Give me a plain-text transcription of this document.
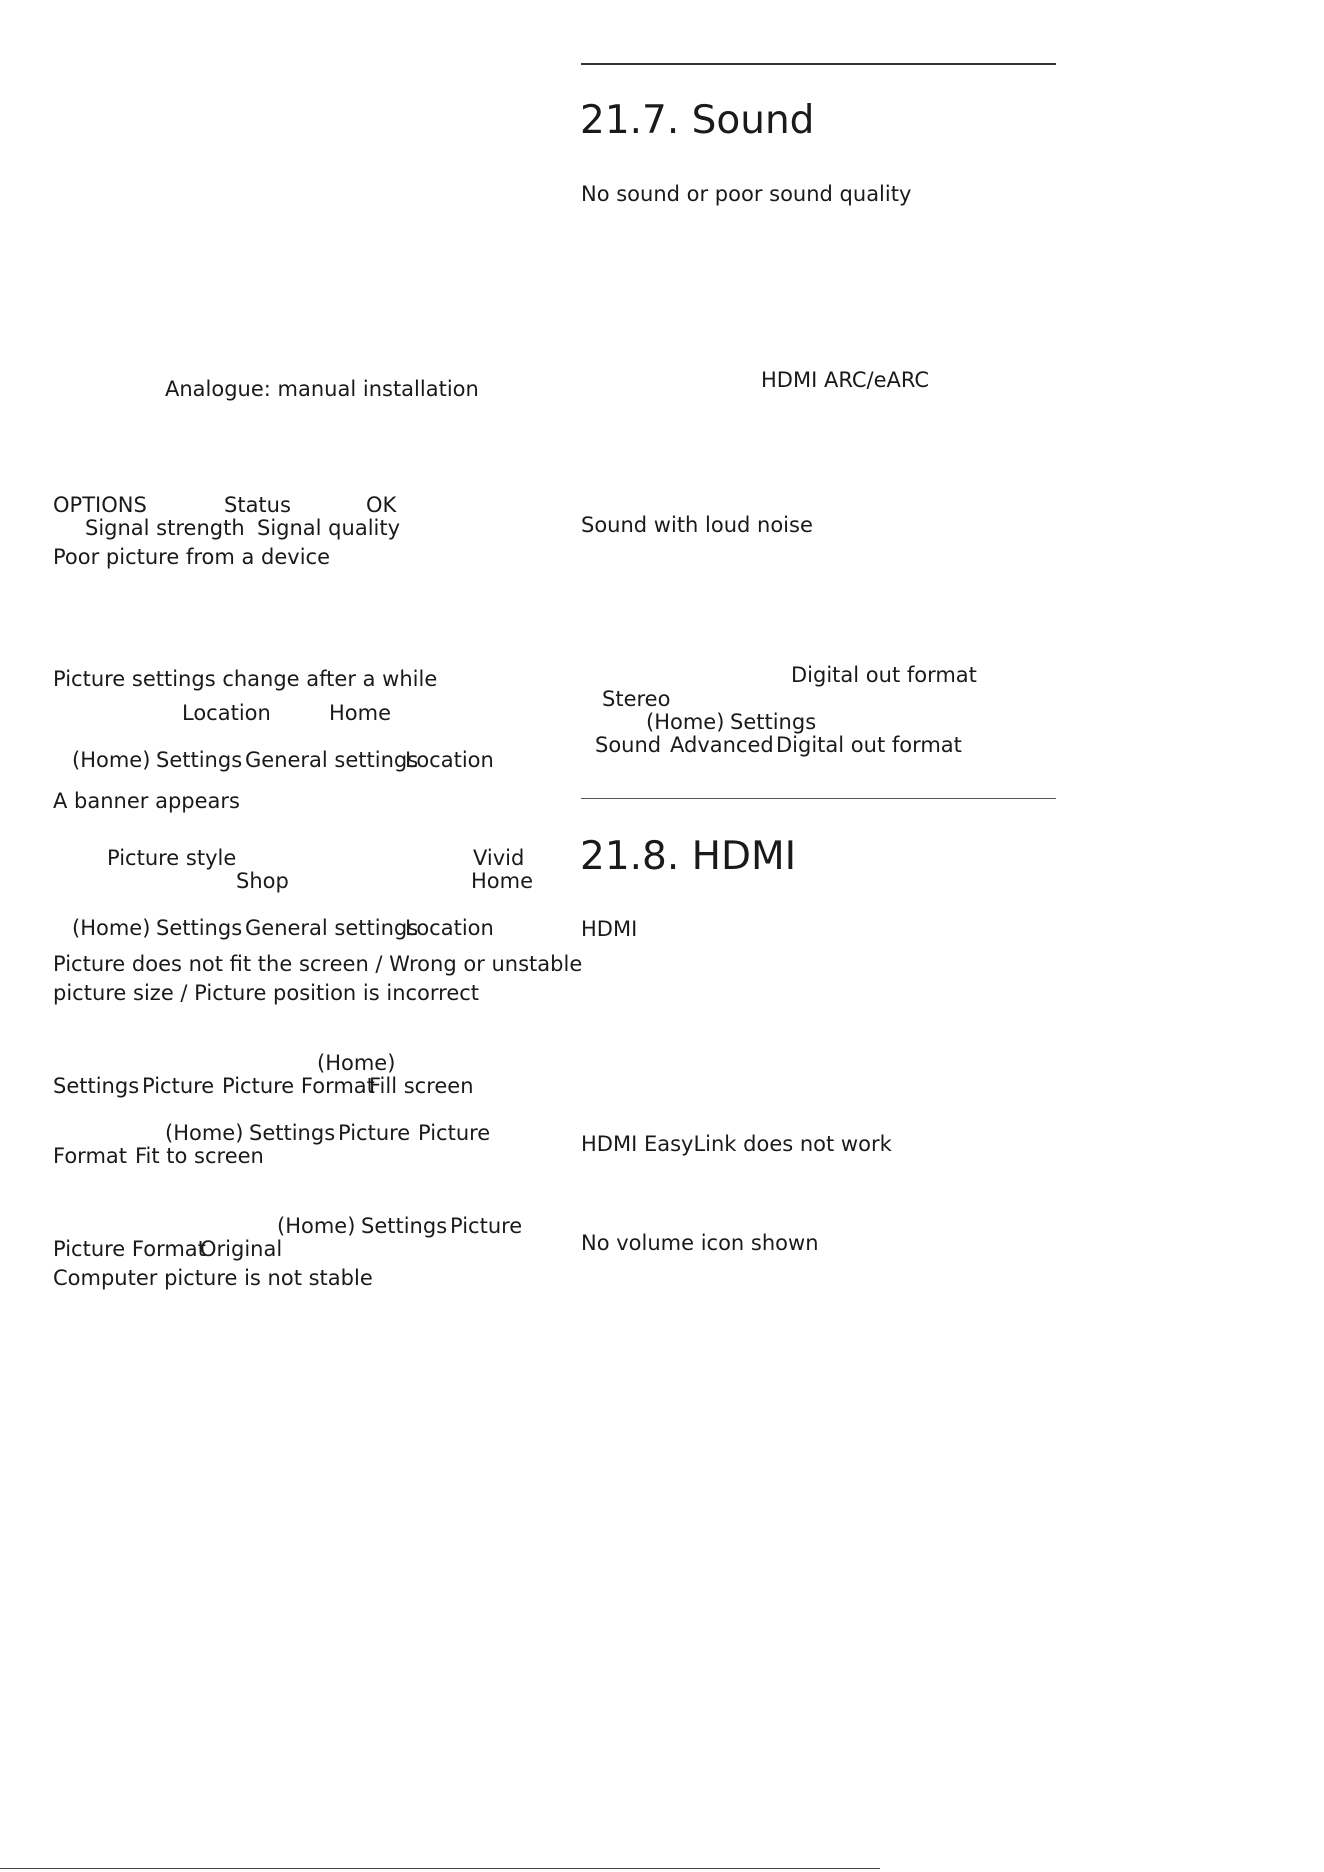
Analogue: manual installation
OPTIONS	Status	OK
Signal strength Signal quality
Poor picture from a device
Picture settings change after a while
Location	Home
(Home) Settings General settings
Location
A banner appears
Picture style	Vivid
Shop	Home
(Home) Settings General settings
Location
Picture does not fit the screen / Wrong or unstable
picture size / Picture position is incorrect
(Home)
Settings Picture Picture Format
Fill screen
(Home) Settings Picture Picture
Format Fit to screen
(Home) Settings Picture
Picture Format
Original
Computer picture is not stable
21.7. Sound
No sound or poor sound quality
HDMI ARC/eARC
Sound with loud noise
Digital out format
Stereo
(Home) Settings
Sound Advanced Digital out format
21.8. HDMI
HDMI
HDMI EasyLink does not work
No volume icon shown
